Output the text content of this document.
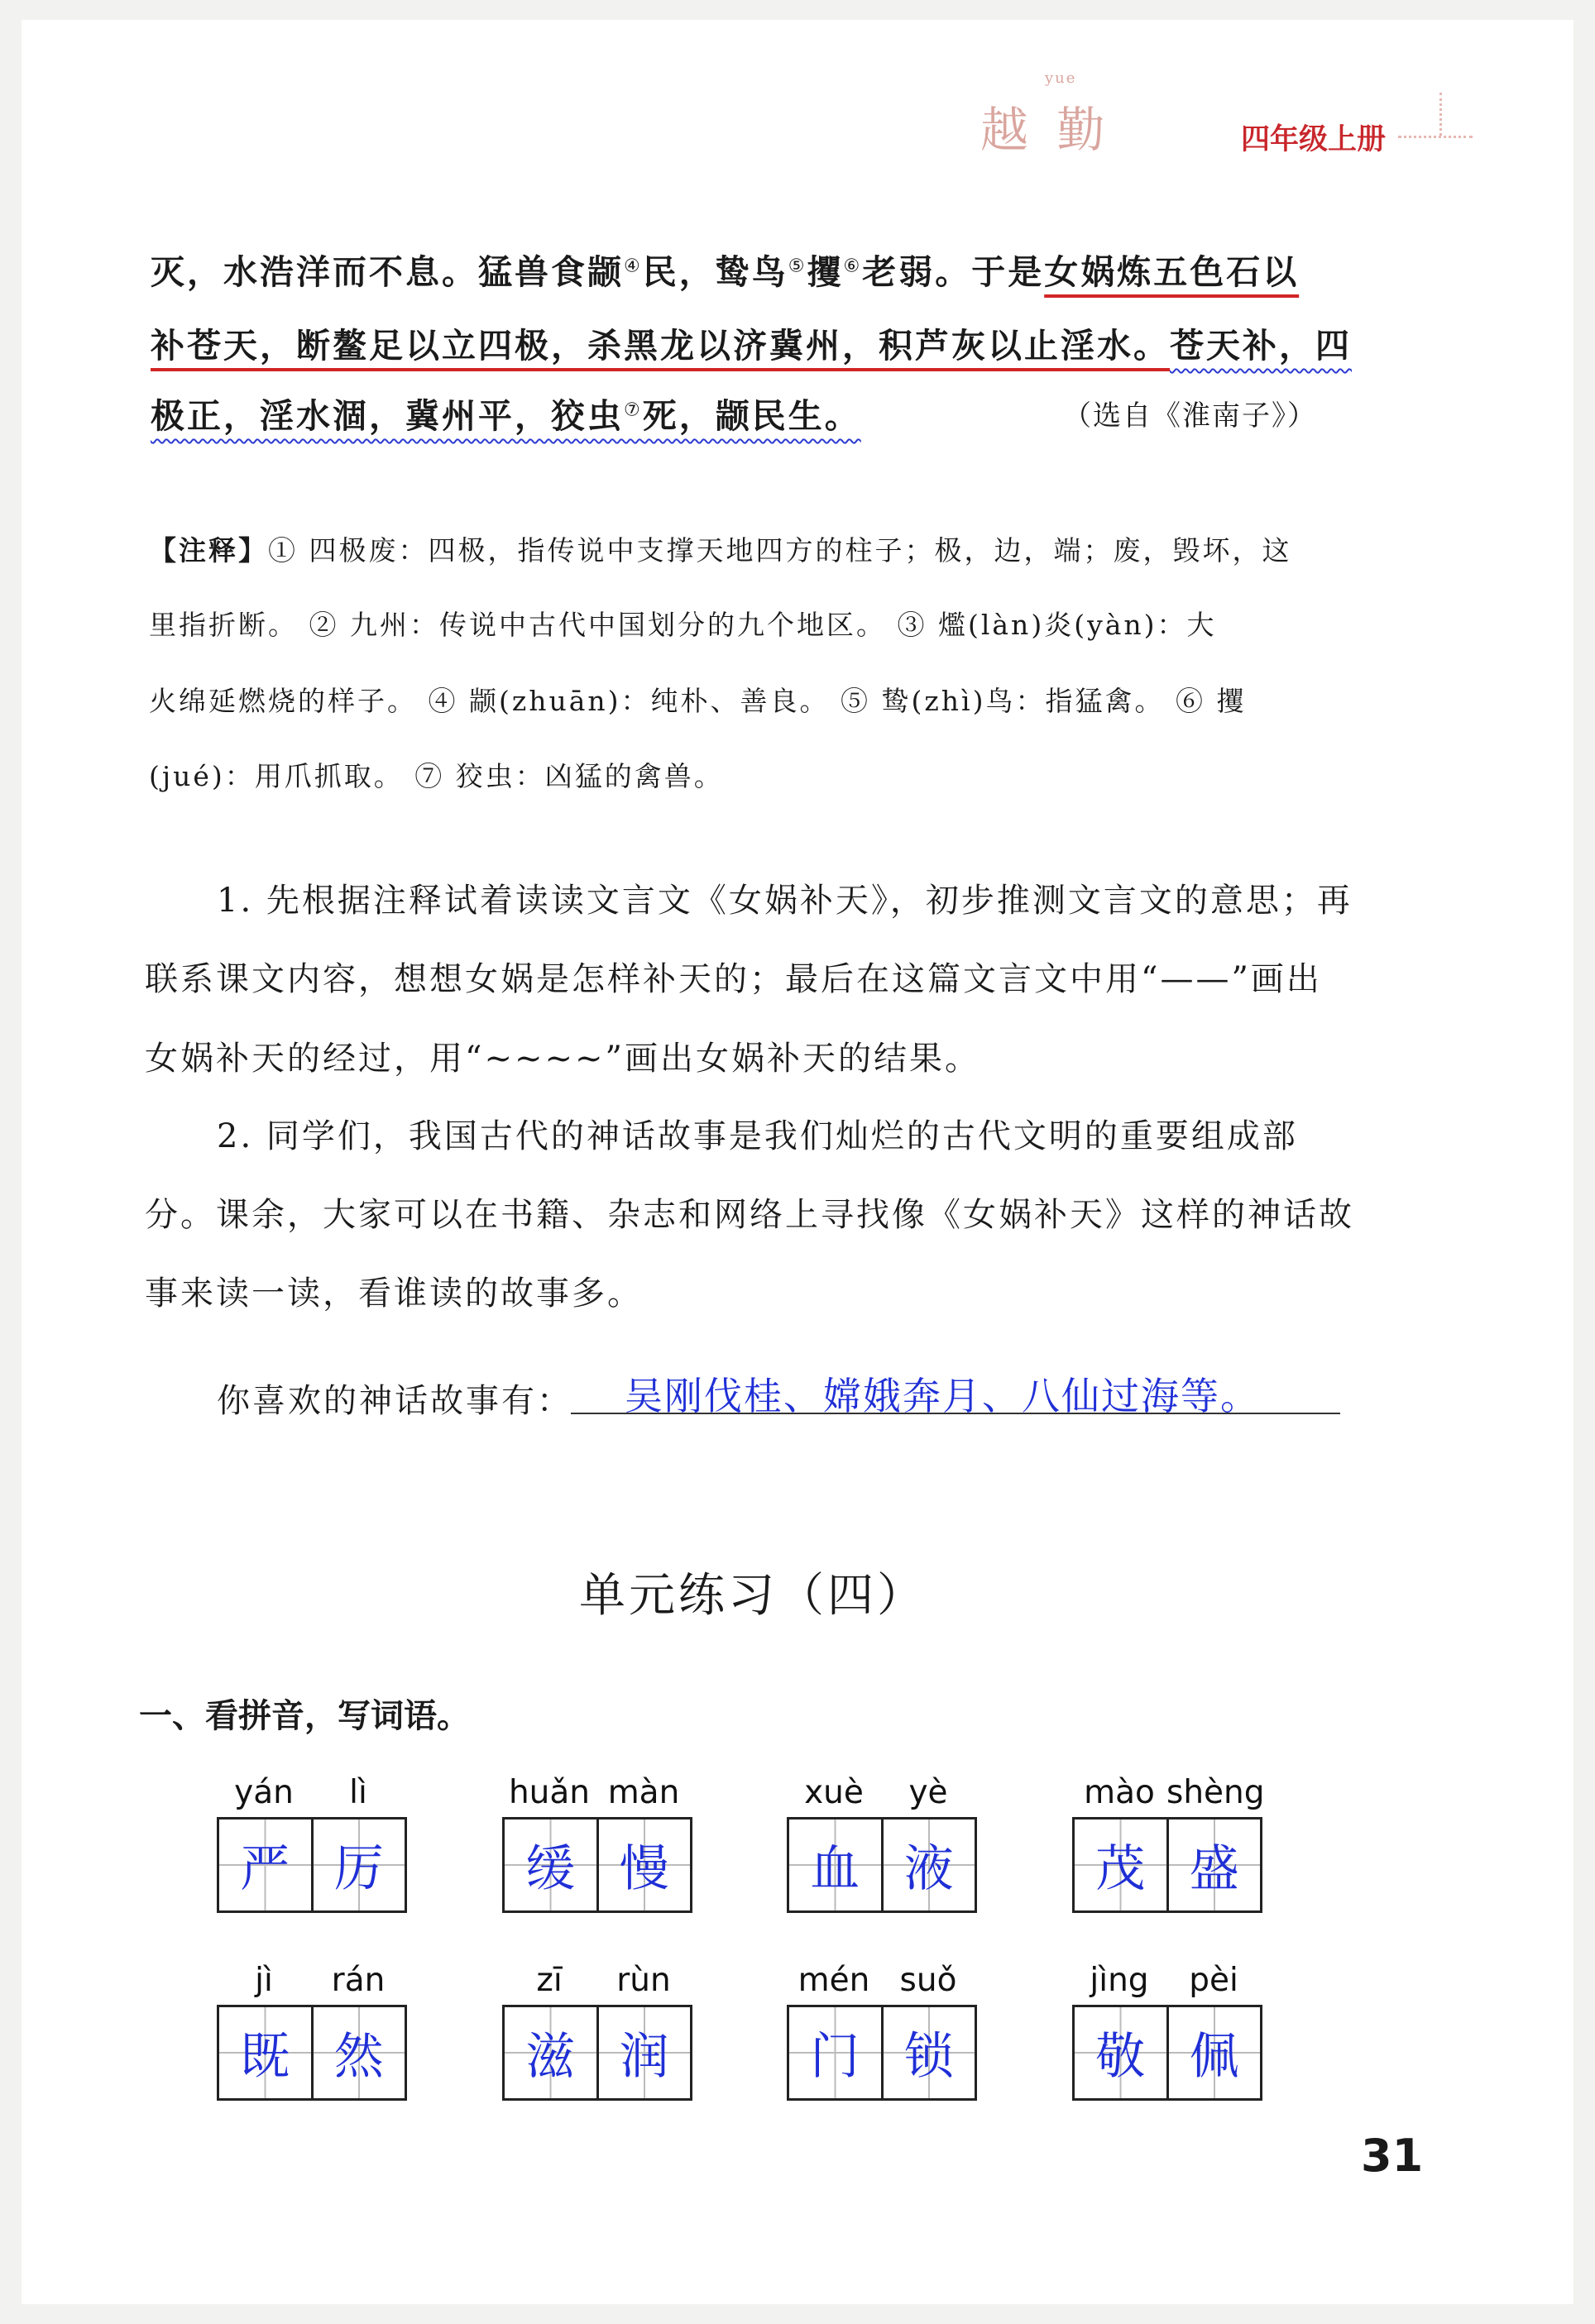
yue
越 勤	四年级上册
灭，水浩洋而不息。猛兽食颛④民，鸷鸟⑤攫⑥老弱。于是女娲炼五色石以
补苍天，断鳌足以立四极，杀黑龙以济冀州，积芦灰以止淫水。苍天补，四
极正，淫水涸，冀州平，狡虫⑦死，颛民生。	（选自《淮南子》）
【注释】① 四极废：四极，指传说中支撑天地四方的柱子；极，边，端；废，毁坏，这
里指折断。 ② 九州：传说中古代中国划分的九个地区。 ③ 爁(làn)炎(yàn)：大
火绵延燃烧的样子。 ④ 颛(zhuān)：纯朴、善良。 ⑤ 鸷(zhì)鸟：指猛禽。 ⑥ 攫
(jué)：用爪抓取。 ⑦ 狡虫：凶猛的禽兽。
1. 先根据注释试着读读文言文《女娲补天》，初步推测文言文的意思；再
联系课文内容，想想女娲是怎样补天的；最后在这篇文言文中用“——”画出
女娲补天的经过，用“~~~~”画出女娲补天的结果。
2. 同学们，我国古代的神话故事是我们灿烂的古代文明的重要组成部
分。课余，大家可以在书籍、杂志和网络上寻找像《女娲补天》这样的神话故
事来读一读，看谁读的故事多。
你喜欢的神话故事有： 吴刚伐桂、嫦娥奔月、八仙过海等。
单元练习（四）
一、看拼音，写词语。
yán	lì
严 厉
huǎn màn
缓 慢
xuè	yè
血 液
mào shèng
茂 盛
jì	rán
既 然
zī	rùn
滋 润
mén suǒ
门 锁
jìng	pèi
敬 佩
31
